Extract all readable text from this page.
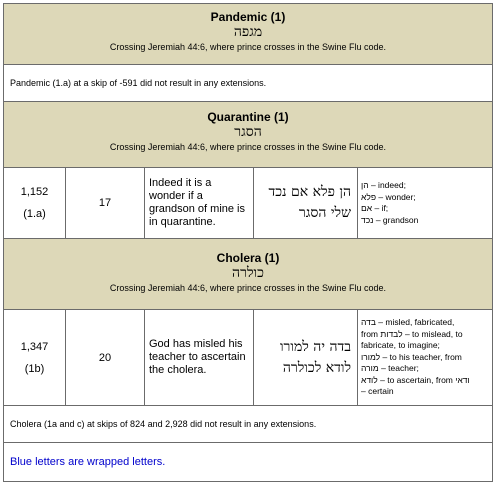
Pandemic (1)
מגפה
Crossing Jeremiah 44:6, where prince crosses in the Swine Flu code.
Pandemic (1.a) at a skip of -591 did not result in any extensions.
Quarantine (1)
הסגר
Crossing Jeremiah 44:6, where prince crosses in the Swine Flu code.
1,152
(1.a)
17
Indeed it is a wonder if a grandson of mine is in quarantine.
הן פלא אם נכד
שלי הסגר
הן – indeed;
פלא – wonder;
אם – if;
נכד – grandson
Cholera (1)
כולרה
Crossing Jeremiah 44:6, where prince crosses in the Swine Flu code.
1,347
(1b)
20
God has misled his teacher to ascertain the cholera.
בדה יה למורו
לודא לכולרה
בדה – misled, fabricated,
from לבדות – to mislead, to
fabricate, to imagine;
למורו – to his teacher, from
מורה – teacher;
לודא – to ascertain, from ודאי
– certain
Cholera (1a and c) at skips of 824 and 2,928 did not result in any extensions.
Blue letters are wrapped letters.
